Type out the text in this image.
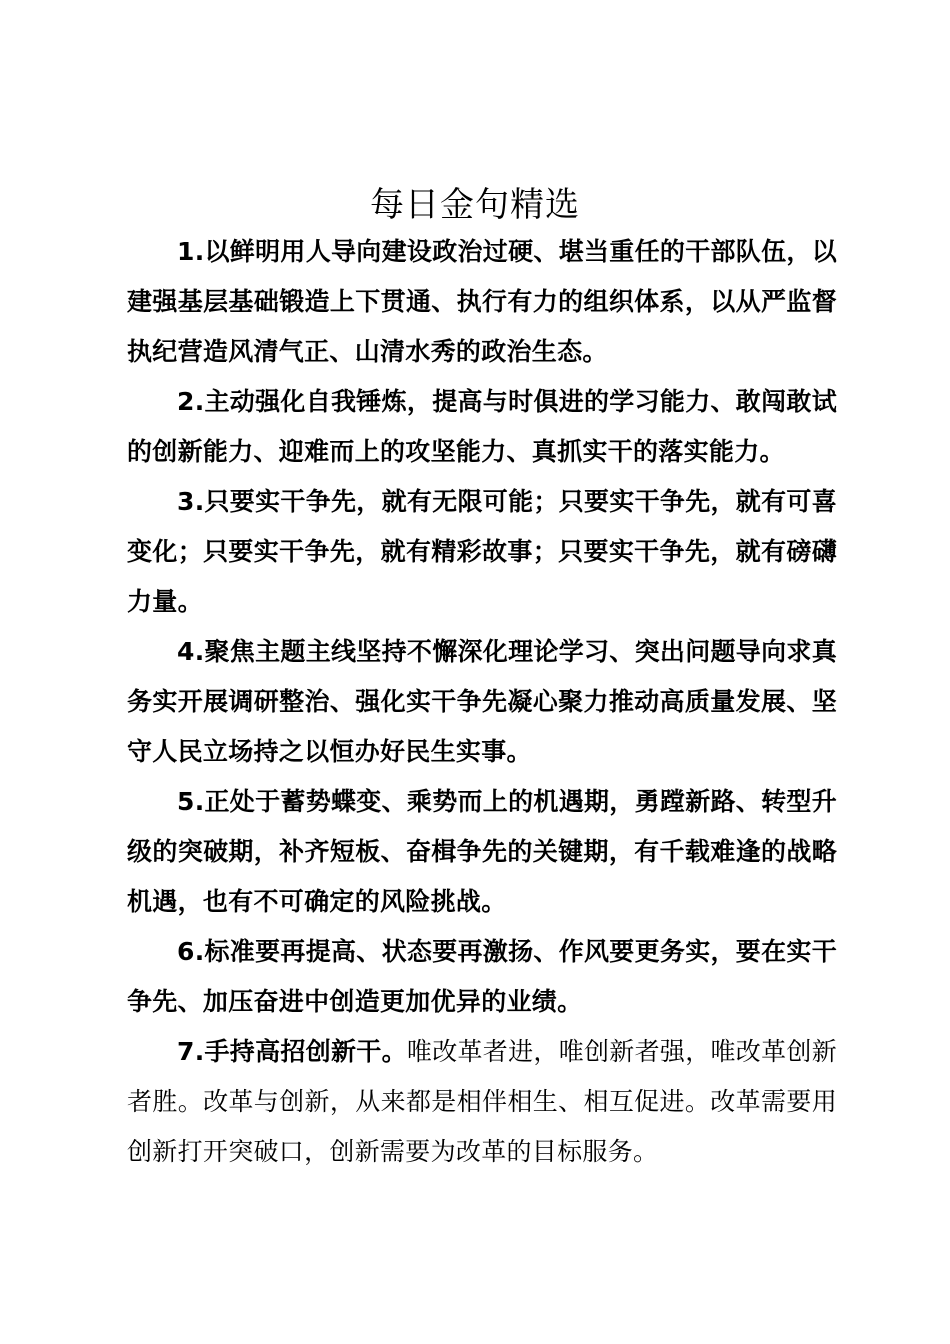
每日金句精选

1.以鲜明用人导向建设政治过硬、堪当重任的干部队伍，以建强基层基础锻造上下贯通、执行有力的组织体系，以从严监督执纪营造风清气正、山清水秀的政治生态。

2.主动强化自我锤炼，提高与时俱进的学习能力、敢闯敢试的创新能力、迎难而上的攻坚能力、真抓实干的落实能力。

3.只要实干争先，就有无限可能；只要实干争先，就有可喜变化；只要实干争先，就有精彩故事；只要实干争先，就有磅礴力量。

4.聚焦主题主线坚持不懈深化理论学习、突出问题导向求真务实开展调研整治、强化实干争先凝心聚力推动高质量发展、坚守人民立场持之以恒办好民生实事。

5.正处于蓄势蝶变、乘势而上的机遇期，勇蹚新路、转型升级的突破期，补齐短板、奋楫争先的关键期，有千载难逢的战略机遇，也有不可确定的风险挑战。

6.标准要再提高、状态要再激扬、作风要更务实，要在实干争先、加压奋进中创造更加优异的业绩。

7.手持高招创新干。唯改革者进，唯创新者强，唯改革创新者胜。改革与创新，从来都是相伴相生、相互促进。改革需要用创新打开突破口，创新需要为改革的目标服务。
